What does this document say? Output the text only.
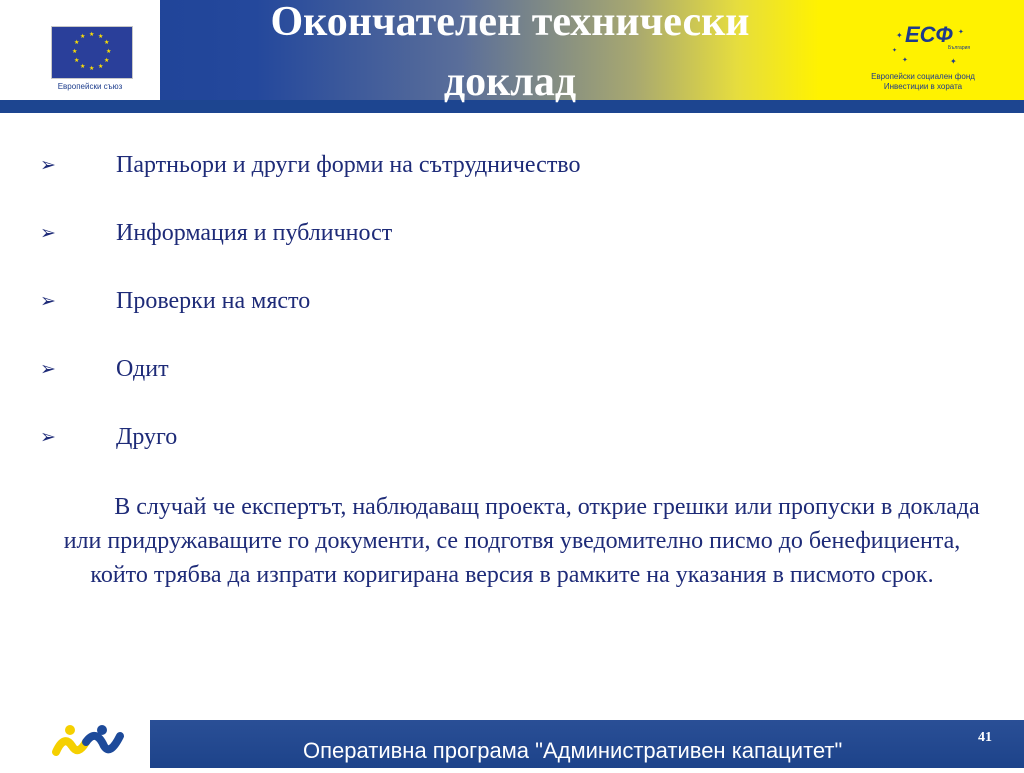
★ ★
★
★
★
★
★
★
★
★
★
★
Европейски съюз
Окончателен технически
доклад
✦	✦
✦	✦
✦
ЕСФ
България
Европейски социален фонд
Инвестиции в хората
➢	Партньори и други форми на сътрудничество
➢	Информация и публичност
➢	Проверки на място
➢	Одит
➢	Друго

В случай че експертът, наблюдаващ проекта, открие грешки или пропуски в доклада или придружаващите го документи, се подготвя уведомително писмо до бенефициента, който трябва да изпрати коригирана версия в рамките на указания в писмото срок.

Оперативна програма "Административен капацитет"
41
